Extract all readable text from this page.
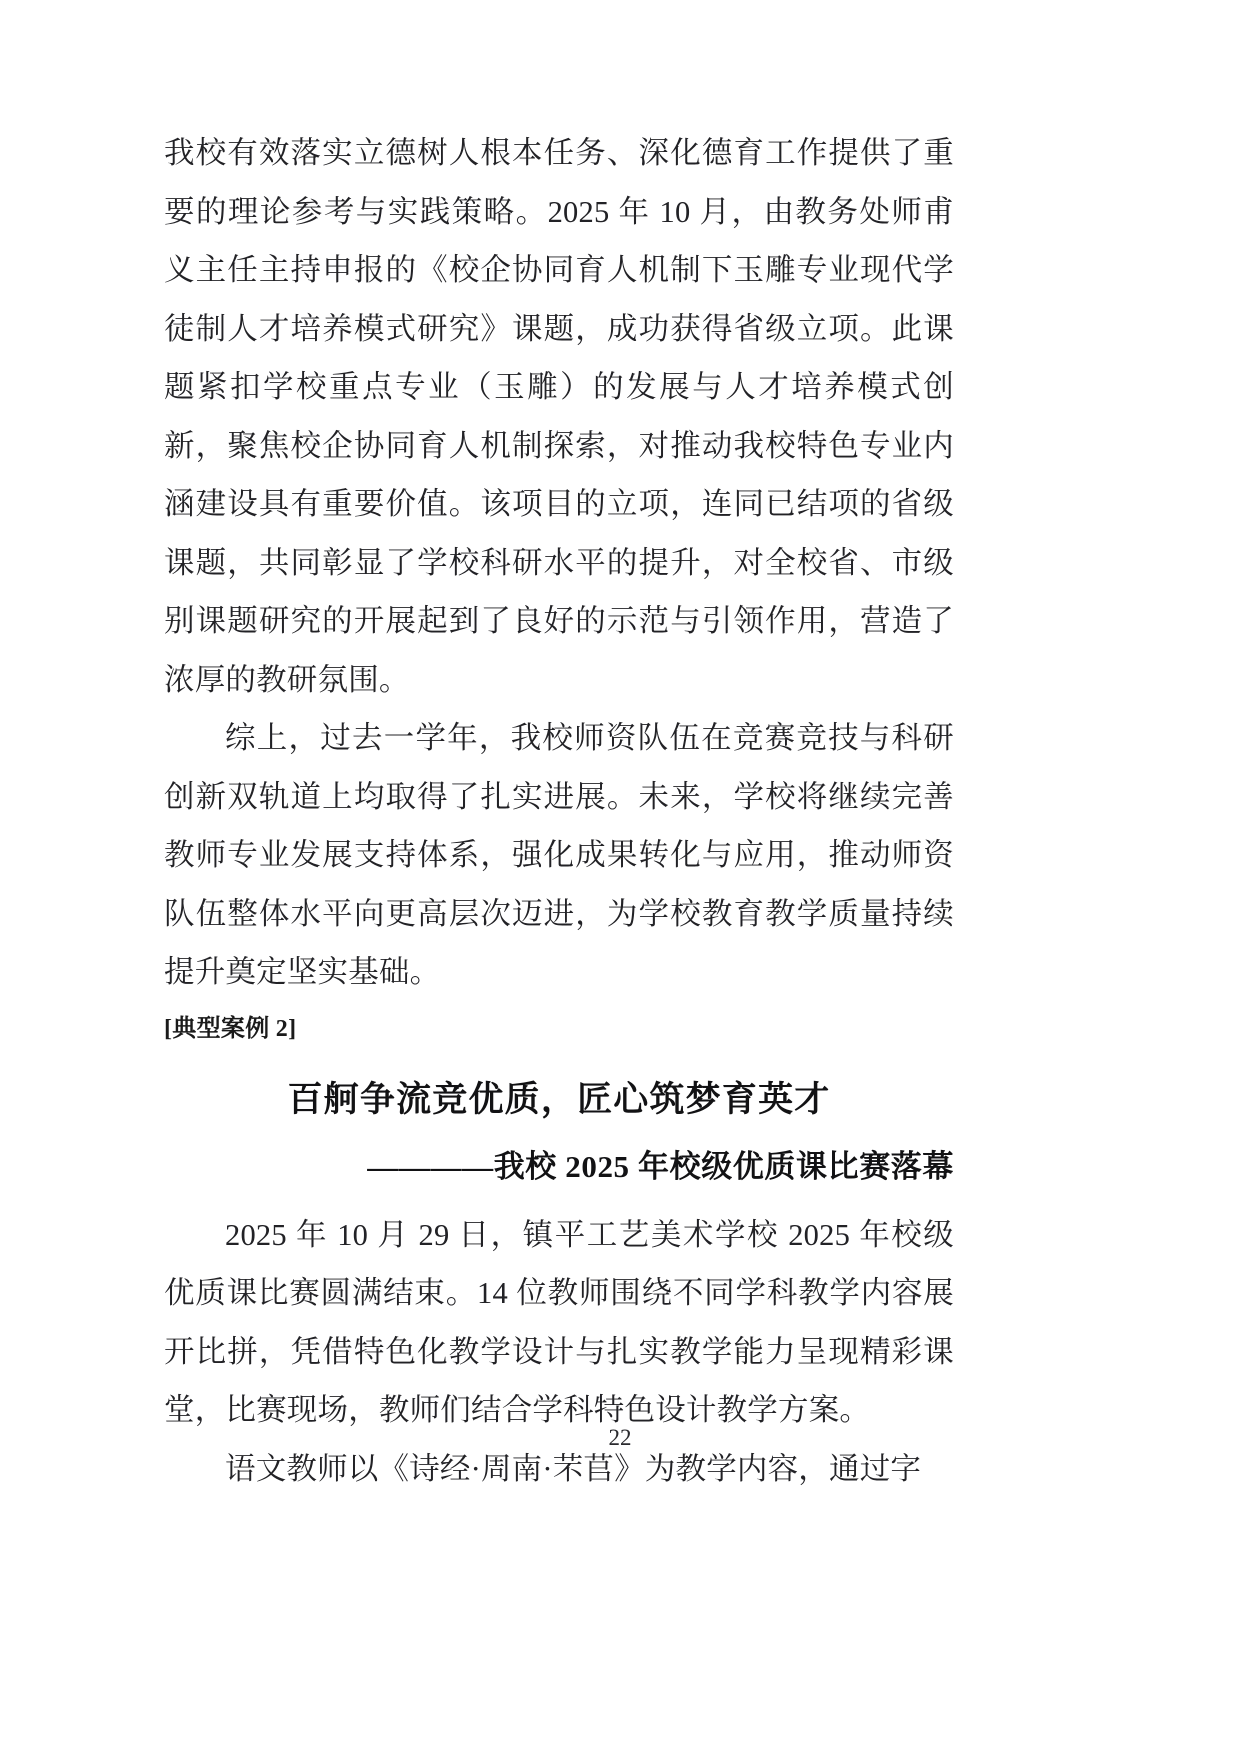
我校有效落实立德树人根本任务、深化德育工作提供了重要的理论参考与实践策略。2025 年 10 月，由教务处师甫义主任主持申报的《校企协同育人机制下玉雕专业现代学徒制人才培养模式研究》课题，成功获得省级立项。此课题紧扣学校重点专业（玉雕）的发展与人才培养模式创新，聚焦校企协同育人机制探索，对推动我校特色专业内涵建设具有重要价值。该项目的立项，连同已结项的省级课题，共同彰显了学校科研水平的提升，对全校省、市级别课题研究的开展起到了良好的示范与引领作用，营造了浓厚的教研氛围。

综上，过去一学年，我校师资队伍在竞赛竞技与科研创新双轨道上均取得了扎实进展。未来，学校将继续完善教师专业发展支持体系，强化成果转化与应用，推动师资队伍整体水平向更高层次迈进，为学校教育教学质量持续提升奠定坚实基础。

[典型案例 2]

百舸争流竞优质，匠心筑梦育英才
————我校 2025 年校级优质课比赛落幕

2025 年 10 月 29 日，镇平工艺美术学校 2025 年校级优质课比赛圆满结束。14 位教师围绕不同学科教学内容展开比拼，凭借特色化教学设计与扎实教学能力呈现精彩课堂，比赛现场，教师们结合学科特色设计教学方案。

语文教师以《诗经·周南·芣苢》为教学内容，通过字

22
